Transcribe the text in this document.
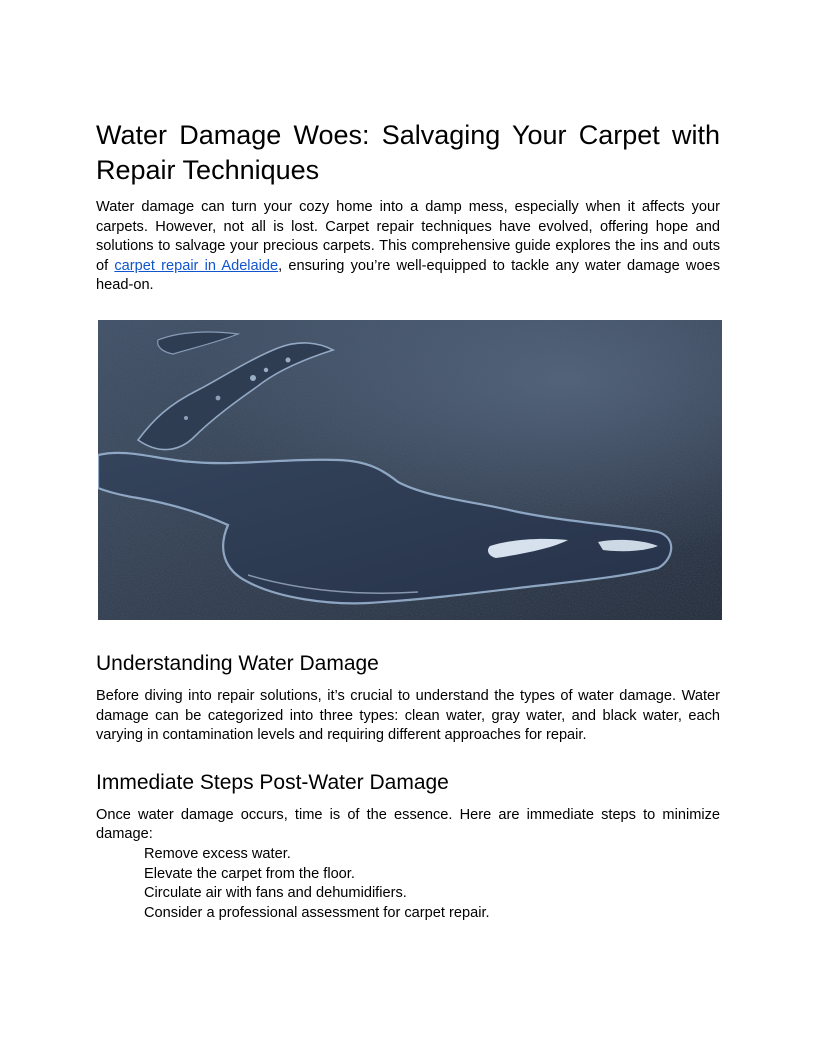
Water Damage Woes: Salvaging Your Carpet with Repair Techniques

Water damage can turn your cozy home into a damp mess, especially when it affects your carpets. However, not all is lost. Carpet repair techniques have evolved, offering hope and solutions to salvage your precious carpets. This comprehensive guide explores the ins and outs of carpet repair in Adelaide, ensuring you’re well-equipped to tackle any water damage woes head-on.

Understanding Water Damage

Before diving into repair solutions, it’s crucial to understand the types of water damage. Water damage can be categorized into three types: clean water, gray water, and black water, each varying in contamination levels and requiring different approaches for repair.

Immediate Steps Post-Water Damage

Once water damage occurs, time is of the essence. Here are immediate steps to minimize damage:

Remove excess water.
Elevate the carpet from the floor.
Circulate air with fans and dehumidifiers.
Consider a professional assessment for carpet repair.
